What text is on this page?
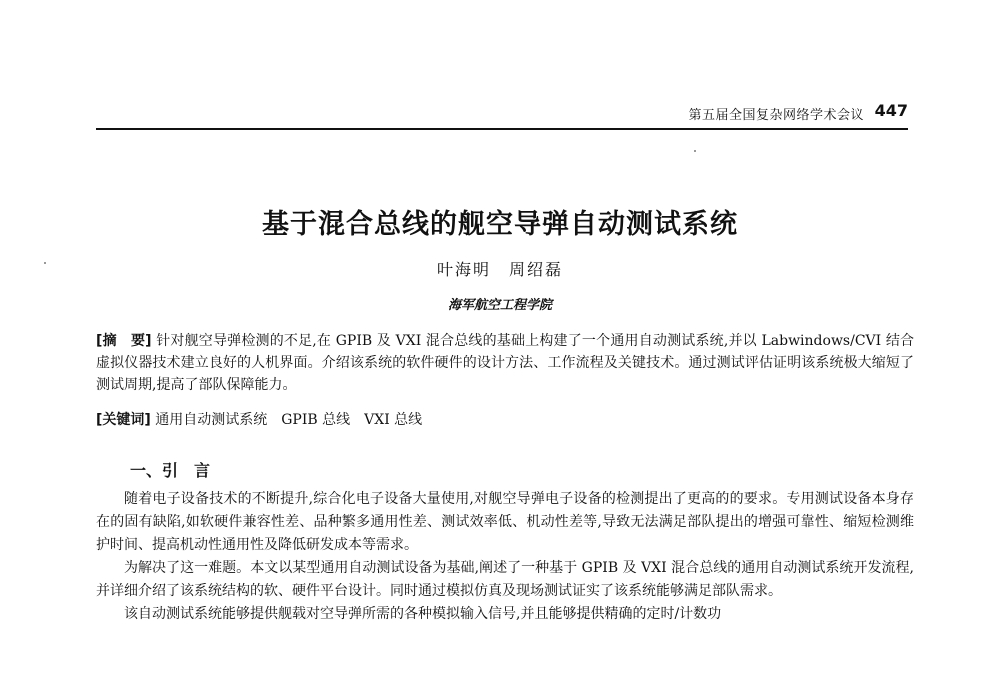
第五届全国复杂网络学术会议 447
基于混合总线的舰空导弹自动测试系统
叶海明　周绍磊
海军航空工程学院
[摘　要] 针对舰空导弹检测的不足,在 GPIB 及 VXI 混合总线的基础上构建了一个通用自动测试系统,并以 Labwindows/CVI 结合虚拟仪器技术建立良好的人机界面。介绍该系统的软件硬件的设计方法、工作流程及关键技术。通过测试评估证明该系统极大缩短了测试周期,提高了部队保障能力。
[关键词] 通用自动测试系统　GPIB 总线　VXI 总线
一、引　言

随着电子设备技术的不断提升,综合化电子设备大量使用,对舰空导弹电子设备的检测提出了更高的的要求。专用测试设备本身存在的固有缺陷,如软硬件兼容性差、品种繁多通用性差、测试效率低、机动性差等,导致无法满足部队提出的增强可靠性、缩短检测维护时间、提高机动性通用性及降低研发成本等需求。

为解决了这一难题。本文以某型通用自动测试设备为基础,阐述了一种基于 GPIB 及 VXI 混合总线的通用自动测试系统开发流程,并详细介绍了该系统结构的软、硬件平台设计。同时通过模拟仿真及现场测试证实了该系统能够满足部队需求。

该自动测试系统能够提供舰载对空导弹所需的各种模拟输入信号,并且能够提供精确的定时/计数功
